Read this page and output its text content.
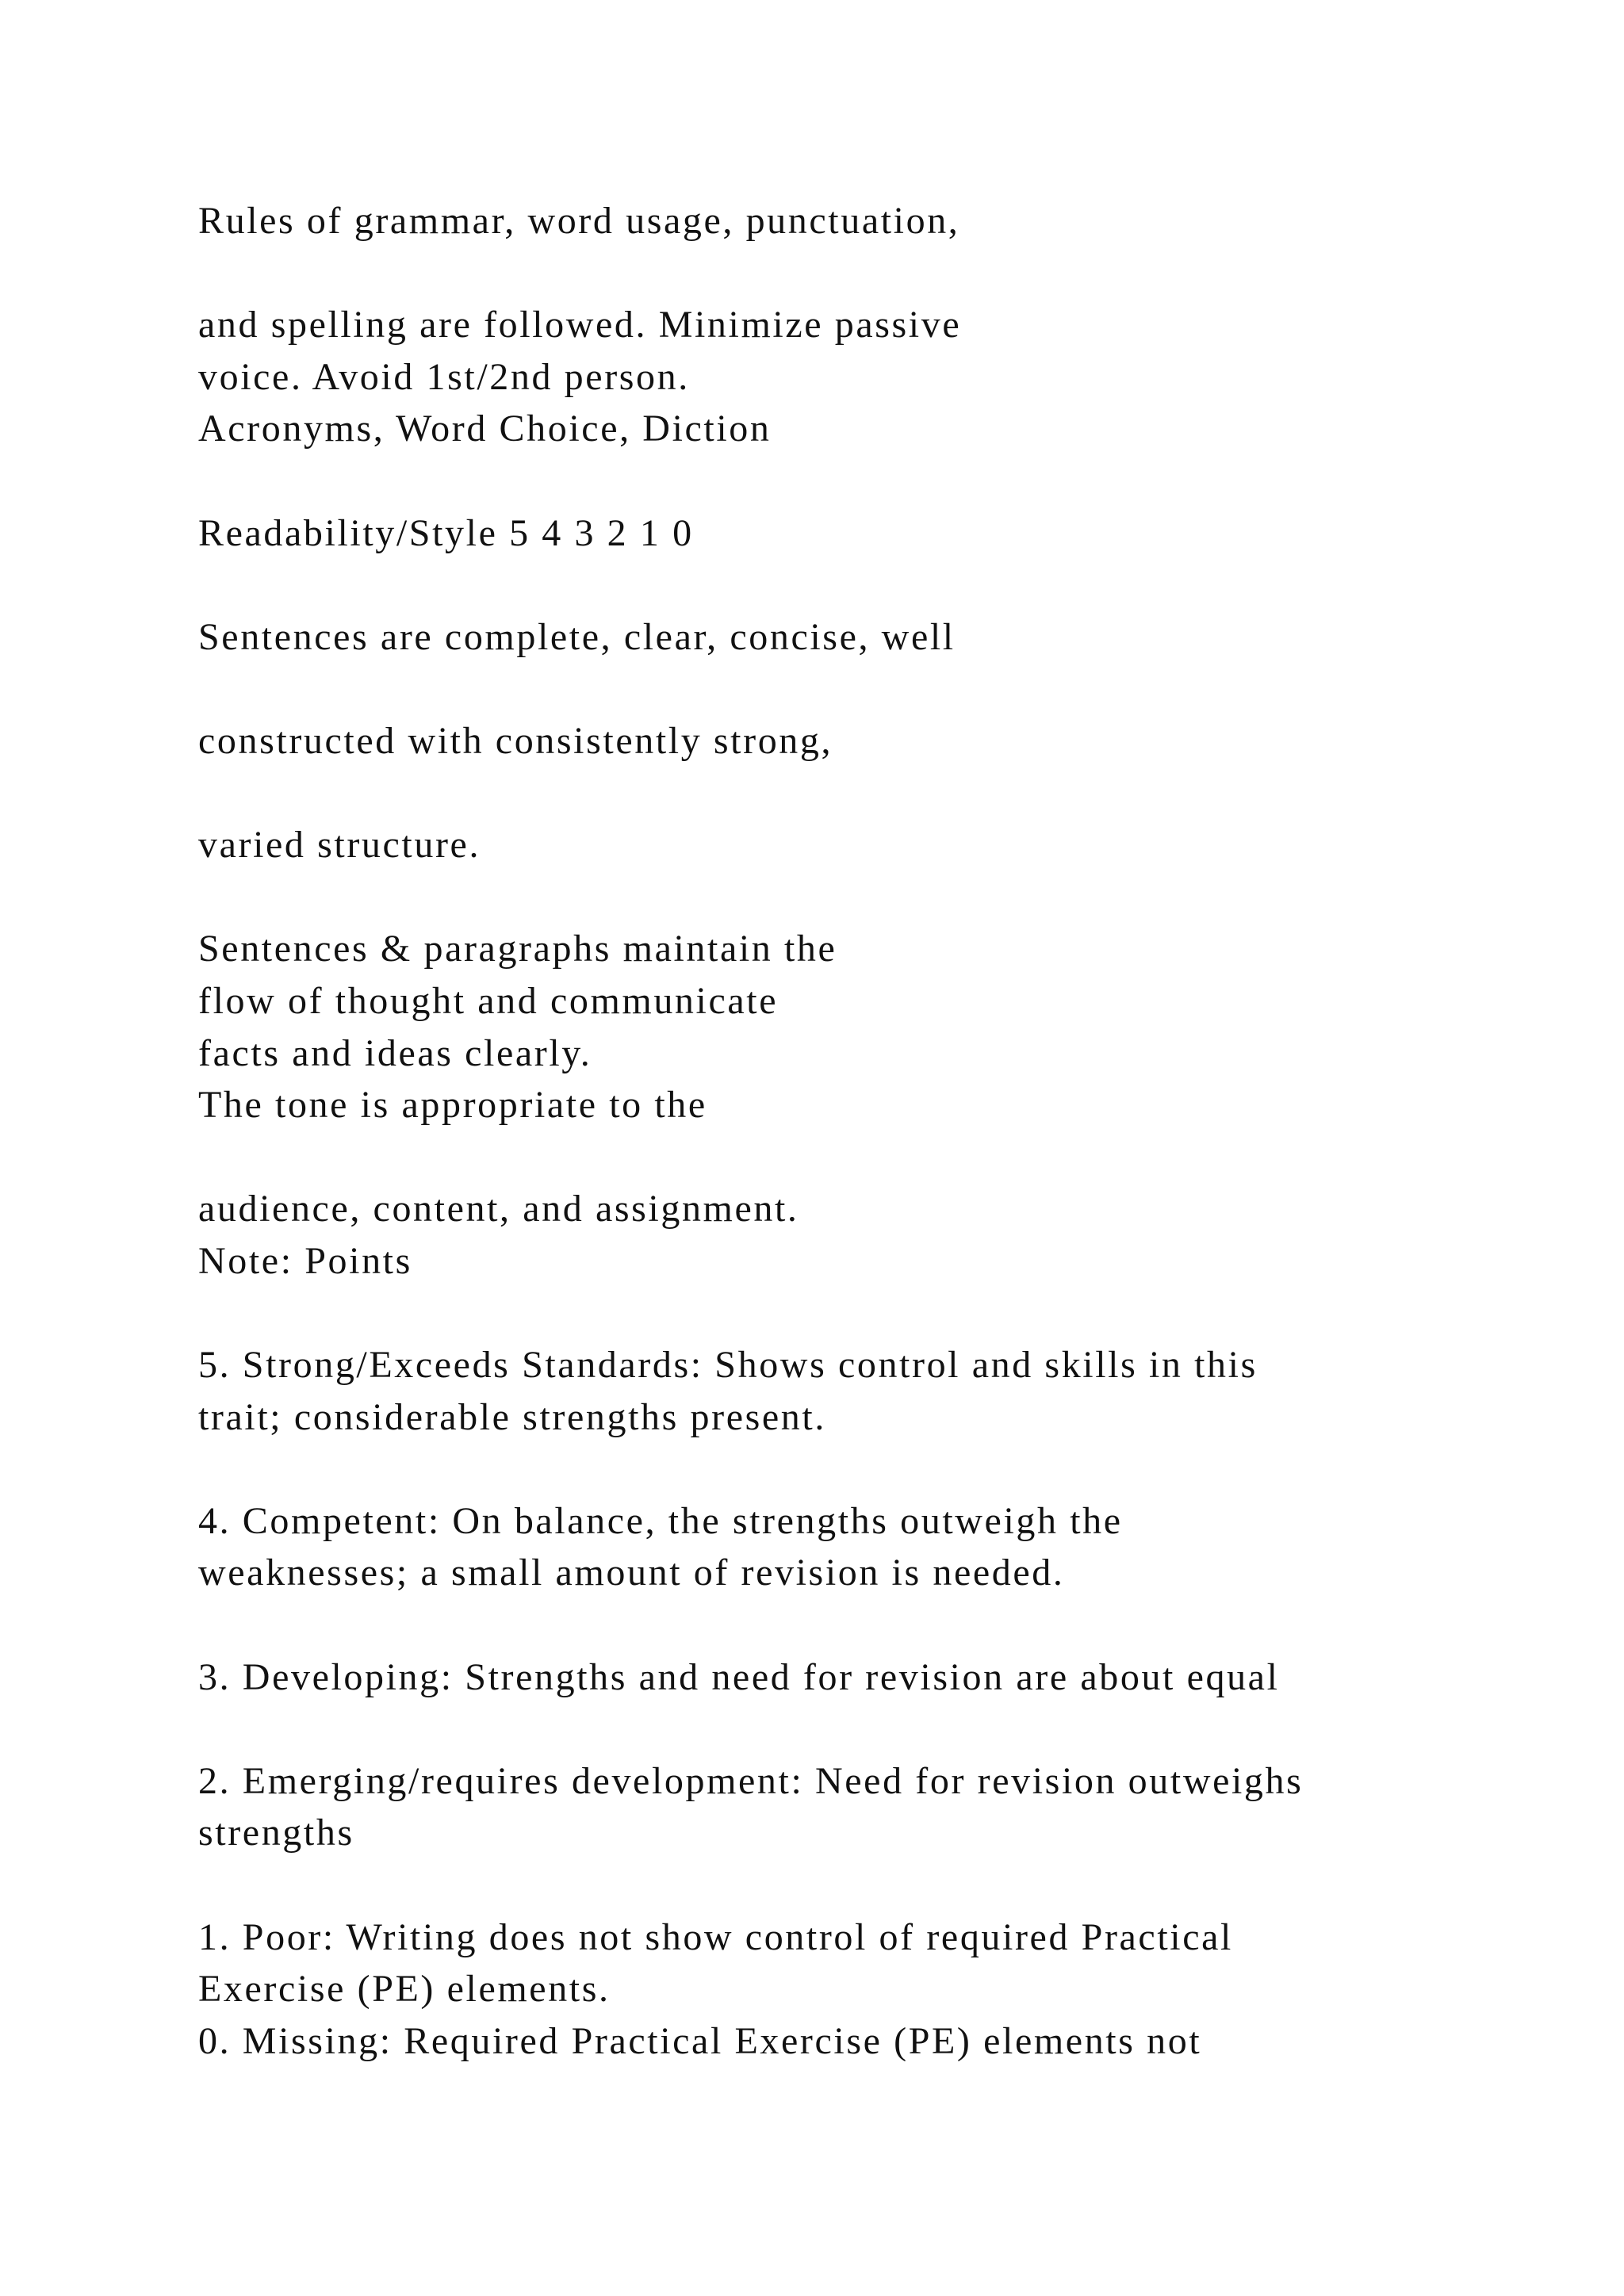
Rules of grammar, word usage, punctuation,
and spelling are followed. Minimize passive
voice. Avoid 1st/2nd person.
Acronyms, Word Choice, Diction
Readability/Style 5 4 3 2 1 0
Sentences are complete, clear, concise, well
constructed with consistently strong,
varied structure.
Sentences & paragraphs maintain the
flow of thought and communicate
facts and ideas clearly.
The tone is appropriate to the
audience, content, and assignment.
Note: Points
5. Strong/Exceeds Standards: Shows control and skills in this
trait; considerable strengths present.
4. Competent: On balance, the strengths outweigh the
weaknesses; a small amount of revision is needed.
3. Developing: Strengths and need for revision are about equal
2. Emerging/requires development: Need for revision outweighs
strengths
1. Poor: Writing does not show control of required Practical
Exercise (PE) elements.
0. Missing: Required Practical Exercise (PE) elements not
